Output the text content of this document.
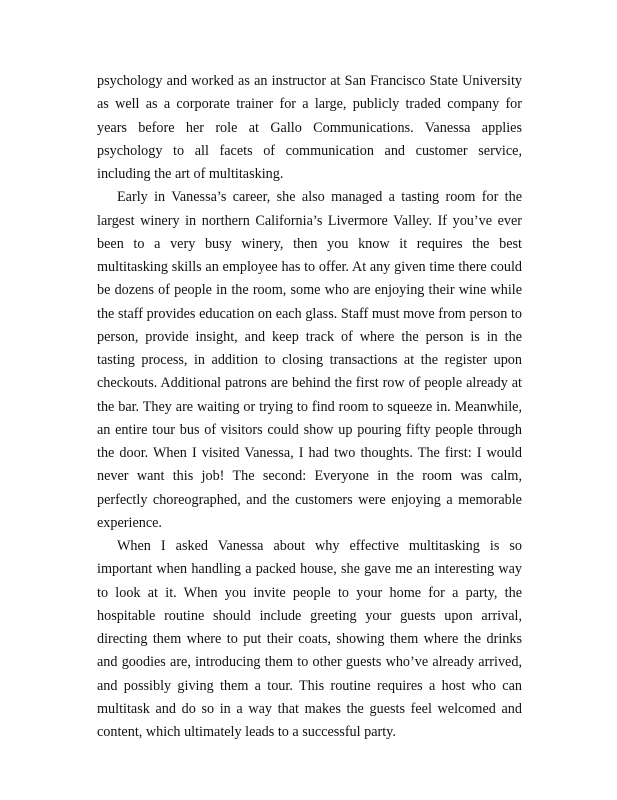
psychology and worked as an instructor at San Francisco State University as well as a corporate trainer for a large, publicly traded company for years before her role at Gallo Communications. Vanessa applies psychology to all facets of communication and customer service, including the art of multitasking.

Early in Vanessa’s career, she also managed a tasting room for the largest winery in northern California’s Livermore Valley. If you’ve ever been to a very busy winery, then you know it requires the best multitasking skills an employee has to offer. At any given time there could be dozens of people in the room, some who are enjoying their wine while the staff provides education on each glass. Staff must move from person to person, provide insight, and keep track of where the person is in the tasting process, in addition to closing transactions at the register upon checkouts. Additional patrons are behind the first row of people already at the bar. They are waiting or trying to find room to squeeze in. Meanwhile, an entire tour bus of visitors could show up pouring fifty people through the door. When I visited Vanessa, I had two thoughts. The first: I would never want this job! The second: Everyone in the room was calm, perfectly choreographed, and the customers were enjoying a memorable experience.

When I asked Vanessa about why effective multitasking is so important when handling a packed house, she gave me an interesting way to look at it. When you invite people to your home for a party, the hospitable routine should include greeting your guests upon arrival, directing them where to put their coats, showing them where the drinks and goodies are, introducing them to other guests who’ve already arrived, and possibly giving them a tour. This routine requires a host who can multitask and do so in a way that makes the guests feel welcomed and content, which ultimately leads to a successful party.
